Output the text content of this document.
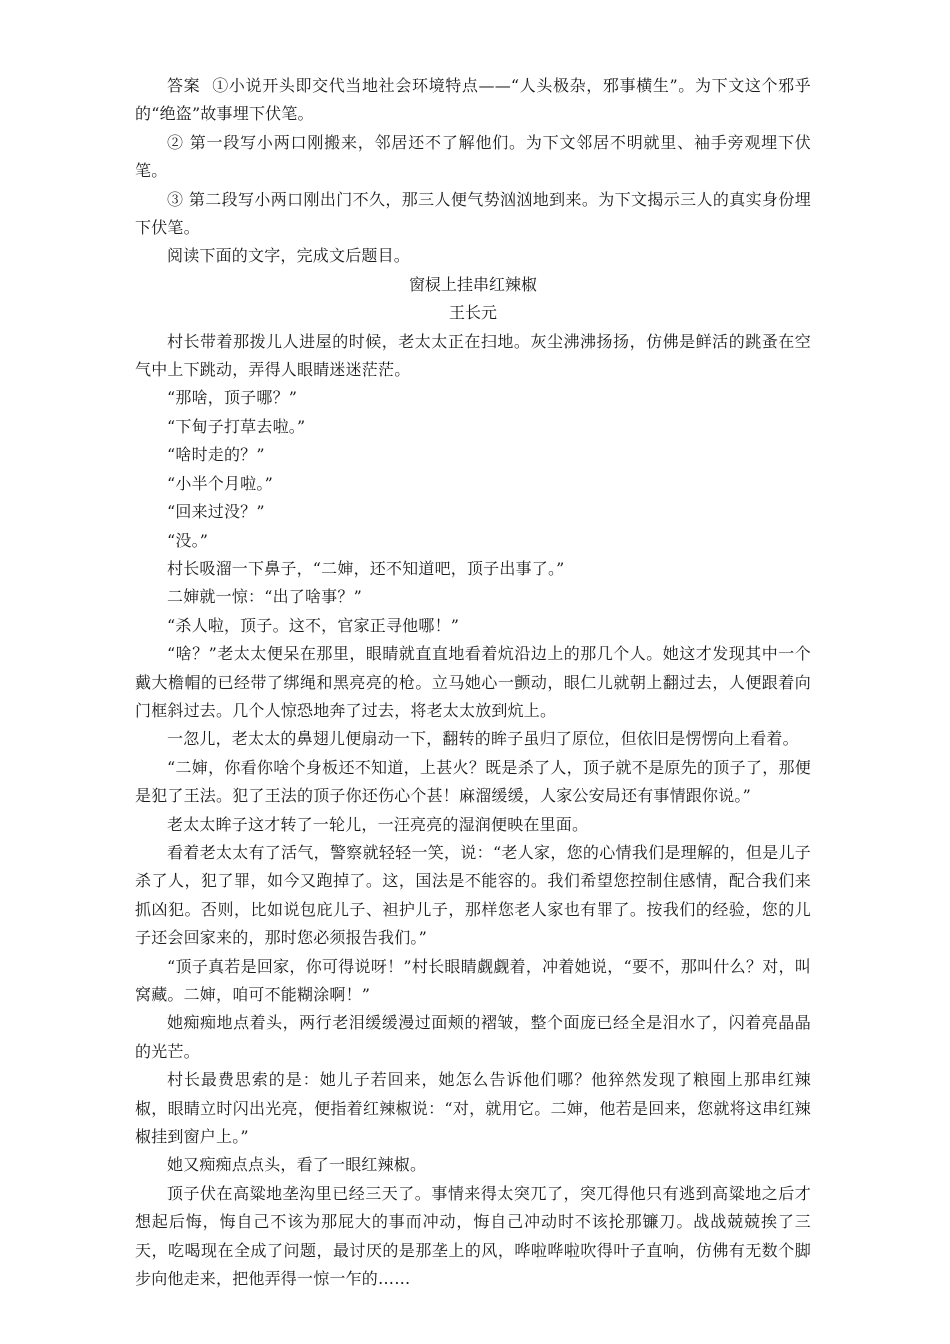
答案 ①小说开头即交代当地社会环境特点——“人头极杂，邪事横生”。为下文这个邪乎的“绝盗”故事埋下伏笔。

② 第一段写小两口刚搬来，邻居还不了解他们。为下文邻居不明就里、袖手旁观埋下伏笔。

③ 第二段写小两口刚出门不久，那三人便气势汹汹地到来。为下文揭示三人的真实身份埋下伏笔。

阅读下面的文字，完成文后题目。

窗棂上挂串红辣椒

王长元

村长带着那拨儿人进屋的时候，老太太正在扫地。灰尘沸沸扬扬，仿佛是鲜活的跳蚤在空气中上下跳动，弄得人眼睛迷迷茫茫。

“那啥，顶子哪？”

“下甸子打草去啦。”

“啥时走的？”

“小半个月啦。”

“回来过没？”

“没。”

村长吸溜一下鼻子，“二婶，还不知道吧，顶子出事了。”

二婶就一惊：“出了啥事？”

“杀人啦，顶子。这不，官家正寻他哪！”

“啥？”老太太便呆在那里，眼睛就直直地看着炕沿边上的那几个人。她这才发现其中一个戴大檐帽的已经带了绑绳和黑亮亮的枪。立马她心一颤动，眼仁儿就朝上翻过去，人便跟着向门框斜过去。几个人惊恐地奔了过去，将老太太放到炕上。

一忽儿，老太太的鼻翅儿便扇动一下，翻转的眸子虽归了原位，但依旧是愣愣向上看着。

“二婶，你看你啥个身板还不知道，上甚火？既是杀了人，顶子就不是原先的顶子了，那便是犯了王法。犯了王法的顶子你还伤心个甚！麻溜缓缓，人家公安局还有事情跟你说。”

老太太眸子这才转了一轮儿，一汪亮亮的湿润便映在里面。

看着老太太有了活气，警察就轻轻一笑，说：“老人家，您的心情我们是理解的，但是儿子杀了人，犯了罪，如今又跑掉了。这，国法是不能容的。我们希望您控制住感情，配合我们来抓凶犯。否则，比如说包庇儿子、袒护儿子，那样您老人家也有罪了。按我们的经验，您的儿子还会回家来的，那时您必须报告我们。”

“顶子真若是回家，你可得说呀！”村长眼睛觑觑着，冲着她说，“要不，那叫什么？对，叫窝藏。二婶，咱可不能糊涂啊！”

她痴痴地点着头，两行老泪缓缓漫过面颊的褶皱，整个面庞已经全是泪水了，闪着亮晶晶的光芒。

村长最费思索的是：她儿子若回来，她怎么告诉他们哪？他猝然发现了粮囤上那串红辣椒，眼睛立时闪出光亮，便指着红辣椒说：“对，就用它。二婶，他若是回来，您就将这串红辣椒挂到窗户上。”

她又痴痴点点头，看了一眼红辣椒。

顶子伏在高粱地垄沟里已经三天了。事情来得太突兀了，突兀得他只有逃到高粱地之后才想起后悔，悔自己不该为那屁大的事而冲动，悔自己冲动时不该抡那镰刀。战战兢兢挨了三天，吃喝现在全成了问题，最讨厌的是那垄上的风，哗啦哗啦吹得叶子直响，仿佛有无数个脚步向他走来，把他弄得一惊一乍的……
